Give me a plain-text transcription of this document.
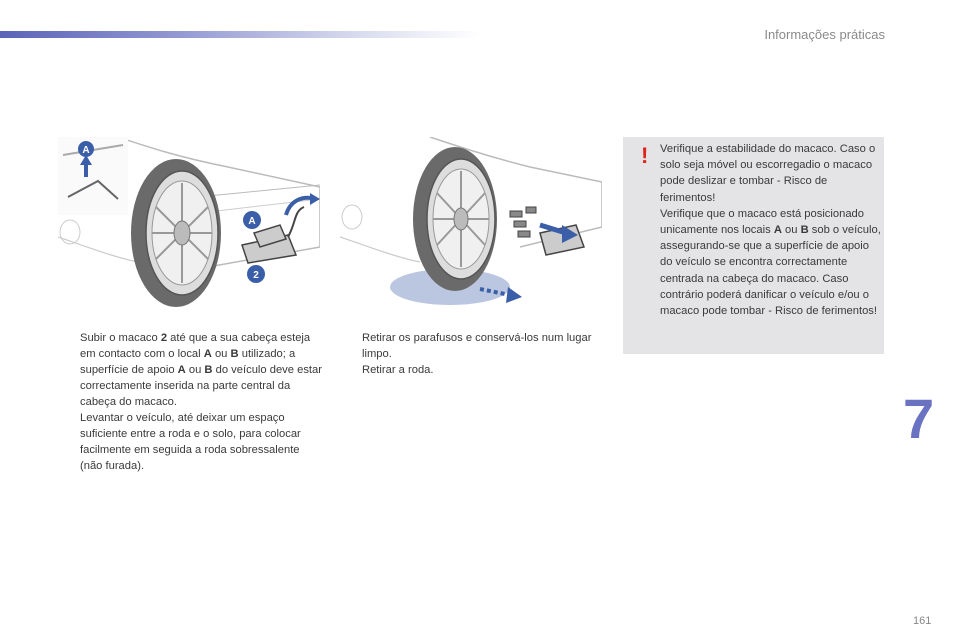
Informações práticas
A
A
2

Subir o macaco 2 até que a sua cabeça esteja em contacto com o local A ou B utilizado; a superfície de apoio A ou B do veículo deve estar correctamente inserida na parte central da cabeça do macaco.

Levantar o veículo, até deixar um espaço suficiente entre a roda e o solo, para colocar facilmente em seguida a roda sobressalente (não furada).

Retirar os parafusos e conservá-los num lugar limpo.

Retirar a roda.

! Verifique a estabilidade do macaco. Caso o solo seja móvel ou escorregadio o macaco pode deslizar e tombar - Risco de ferimentos!
Verifique que o macaco está posicionado unicamente nos locais A ou B sob o veículo, assegurando-se que a superfície de apoio do veículo se encontra correctamente centrada na cabeça do macaco. Caso contrário poderá danificar o veículo e/ou o macaco pode tombar - Risco de ferimentos!
7
161
